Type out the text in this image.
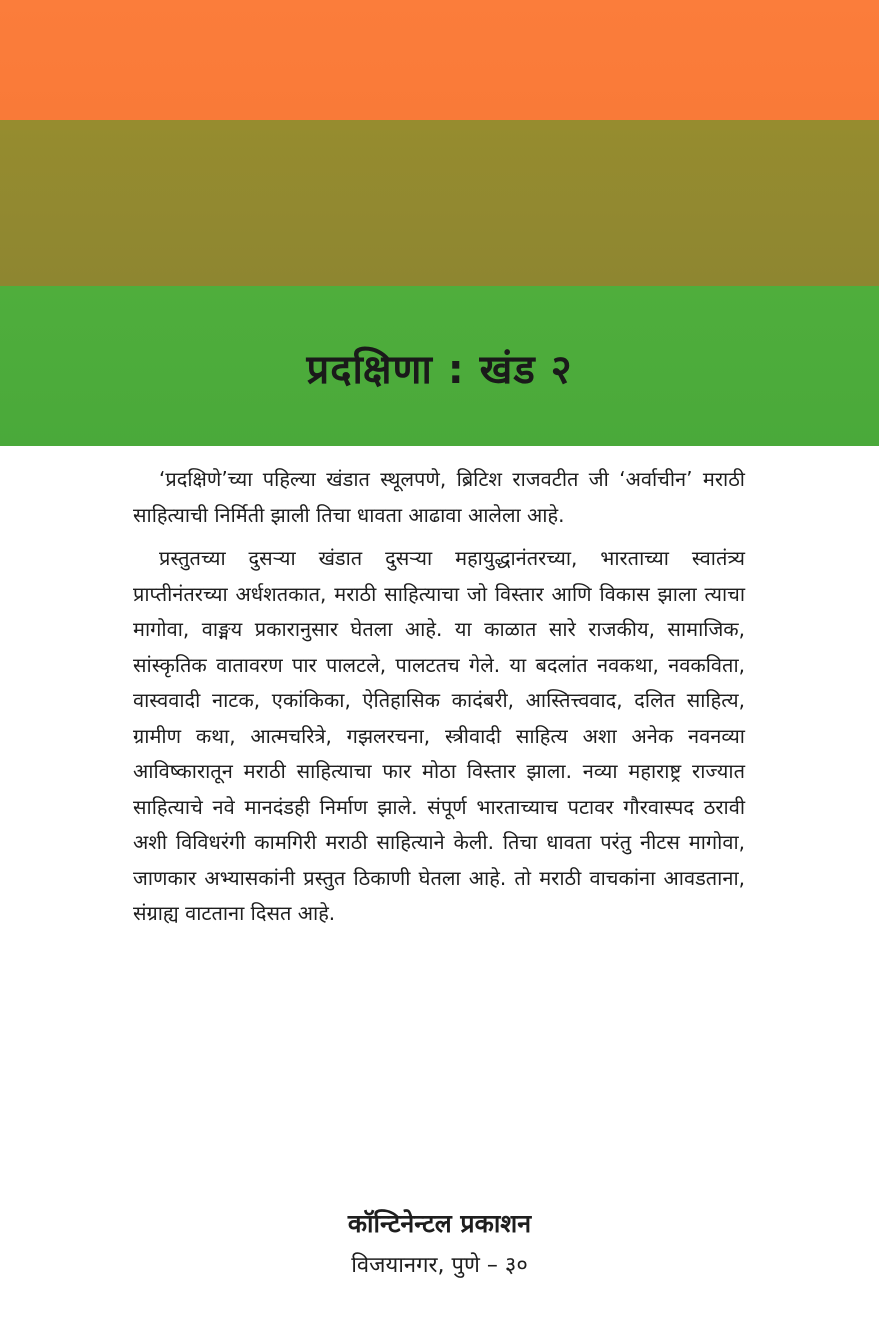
प्रदक्षिणा : खंड २

‘प्रदक्षिणे’च्या पहिल्या खंडात स्थूलपणे, ब्रिटिश राजवटीत जी ‘अर्वाचीन’ मराठी साहित्याची निर्मिती झाली तिचा धावता आढावा आलेला आहे.

प्रस्तुतच्या दुसऱ्या खंडात दुसऱ्या महायुद्धानंतरच्या, भारताच्या स्वातंत्र्य प्राप्तीनंतरच्या अर्धशतकात, मराठी साहित्याचा जो विस्तार आणि विकास झाला त्याचा मागोवा, वाङ्मय प्रकारानुसार घेतला आहे. या काळात सारे राजकीय, सामाजिक, सांस्कृतिक वातावरण पार पालटले, पालटतच गेले. या बदलांत नवकथा, नवकविता, वास्ववादी नाटक, एकांकिका, ऐतिहासिक कादंबरी, आस्तित्त्ववाद, दलित साहित्य, ग्रामीण कथा, आत्मचरित्रे, गझलरचना, स्त्रीवादी साहित्य अशा अनेक नवनव्या आविष्कारातून मराठी साहित्याचा फार मोठा विस्तार झाला. नव्या महाराष्ट्र राज्यात साहित्याचे नवे मानदंडही निर्माण झाले. संपूर्ण भारताच्याच पटावर गौरवास्पद ठरावी अशी विविधरंगी कामगिरी मराठी साहित्याने केली. तिचा धावता परंतु नीटस मागोवा, जाणकार अभ्यासकांनी प्रस्तुत ठिकाणी घेतला आहे. तो मराठी वाचकांना आवडताना, संग्राह्य वाटताना दिसत आहे.

कॉन्टिनेन्टल प्रकाशन
विजयानगर, पुणे – ३०
